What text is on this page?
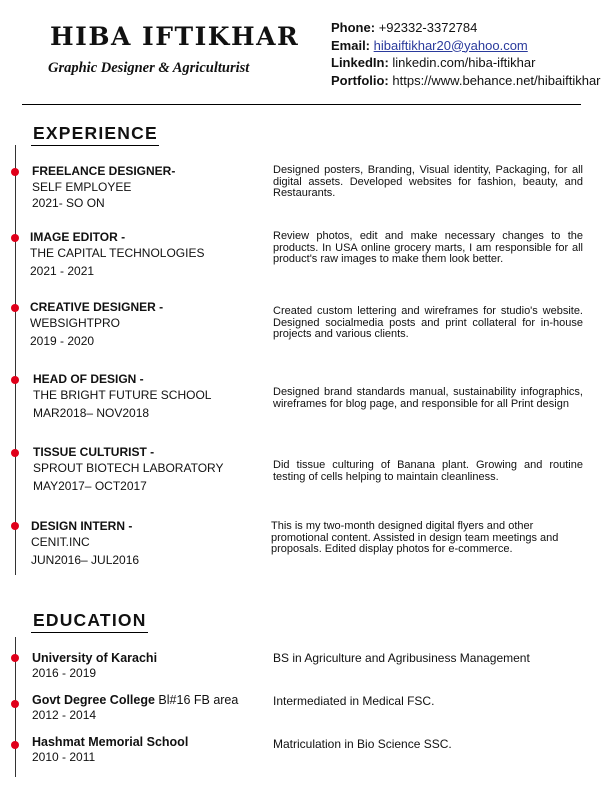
HIBA IFTIKHAR
Graphic Designer & Agriculturist
Phone: +92332-3372784
Email: hibaiftikhar20@yahoo.com
LinkedIn: linkedin.com/hiba-iftikhar
Portfolio: https://www.behance.net/hibaiftikhar
EXPERIENCE
FREELANCE DESIGNER-
SELF EMPLOYEE
2021- SO ON
Designed posters, Branding, Visual identity, Packaging, for all digital assets. Developed websites for fashion, beauty, and Restaurants.
IMAGE EDITOR -
THE CAPITAL TECHNOLOGIES
2021 - 2021
Review photos, edit and make necessary changes to the products. In USA online grocery marts, I am responsible for all product's raw images to make them look better.
CREATIVE DESIGNER -
WEBSIGHTPRO
2019 - 2020
Created custom lettering and wireframes for studio's website. Designed socialmedia posts and print collateral for in-house projects and various clients.
HEAD OF DESIGN -
THE BRIGHT FUTURE SCHOOL
MAR2018– NOV2018
Designed brand standards manual, sustainability infographics, wireframes for blog page, and responsible for all Print design
TISSUE CULTURIST -
SPROUT BIOTECH LABORATORY
MAY2017– OCT2017
Did tissue culturing of Banana plant. Growing and routine testing of cells helping to maintain cleanliness.
DESIGN INTERN -
CENIT.INC
JUN2016– JUL2016
This is my two-month designed digital flyers and other promotional content. Assisted in design team meetings and proposals. Edited display photos for e-commerce.
EDUCATION
University of Karachi
2016 - 2019
BS in Agriculture and Agribusiness Management
Govt Degree College Bl#16 FB area
2012 - 2014
Intermediated in Medical FSC.
Hashmat Memorial School
2010 - 2011
Matriculation in Bio Science SSC.
